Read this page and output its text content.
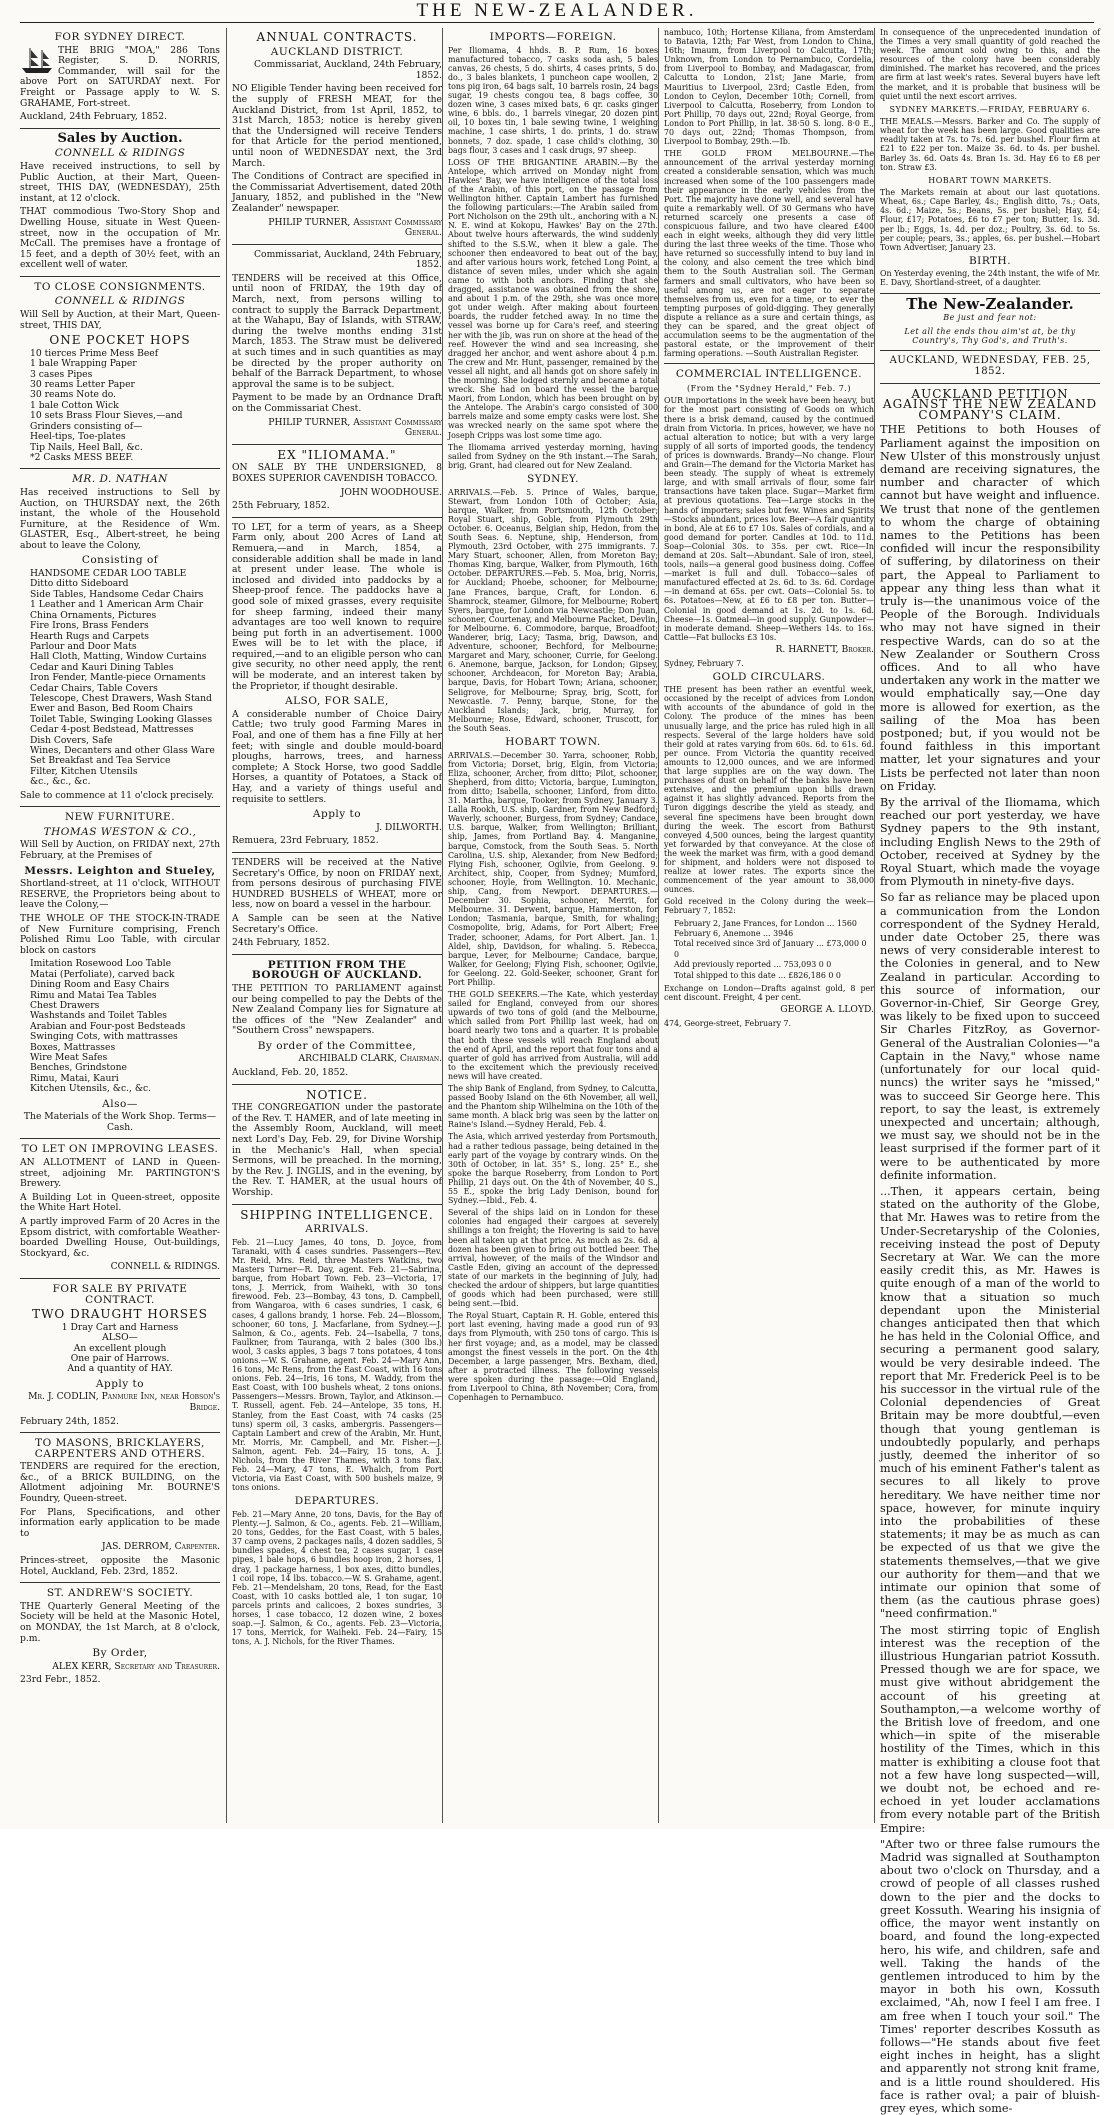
THE NEW-ZEALANDER.
FOR SYDNEY DIRECT.

THE BRIG "MOA," 286 Tons Register, S. D. NORRIS, Commander, will sail for the above Port on SATURDAY next. For Freight or Passage apply to W. S. GRAHAME, Fort-street.

Auckland, 24th February, 1852.

Sales by Auction.
CONNELL & RIDINGS

Have received instructions, to sell by Public Auction, at their Mart, Queen-street, THIS DAY, (WEDNESDAY), 25th instant, at 12 o'clock.

THAT commodious Two-Story Shop and Dwelling House, situate in West Queen-street, now in the occupation of Mr. McCall. The premises have a frontage of 15 feet, and a depth of 30½ feet, with an excellent well of water.

TO CLOSE CONSIGNMENTS.
CONNELL & RIDINGS

Will Sell by Auction, at their Mart, Queen-street, THIS DAY,

ONE POCKET HOPS
10 tierces Prime Mess Beef
1 bale Wrapping Paper
3 cases Pipes
30 reams Letter Paper
30 reams Note do.
1 bale Cotton Wick
10 sets Brass Flour Sieves,—and
Grinders consisting of—
Heel-tips, Toe-plates
Tip Nails, Heel Ball, &c.
*2 Casks MESS BEEF.
MR. D. NATHAN

Has received instructions to Sell by Auction, on THURSDAY next, the 26th instant, the whole of the Household Furniture, at the Residence of Wm. GLASTER, Esq., Albert-street, he being about to leave the Colony,

Consisting of
HANDSOME CEDAR LOO TABLE
Ditto ditto Sideboard
Side Tables, Handsome Cedar Chairs
1 Leather and 1 American Arm Chair
China Ornaments, Pictures
Fire Irons, Brass Fenders
Hearth Rugs and Carpets
Parlour and Door Mats
Hall Cloth, Matting, Window Curtains
Cedar and Kauri Dining Tables
Iron Fender, Mantle-piece Ornaments
Cedar Chairs, Table Covers
Telescope, Chest Drawers, Wash Stand
Ewer and Bason, Bed Room Chairs
Toilet Table, Swinging Looking Glasses
Cedar 4-post Bedstead, Mattresses
Dish Covers, Safe
Wines, Decanters and other Glass Ware
Set Breakfast and Tea Service
Filter, Kitchen Utensils
&c., &c., &c.

Sale to commence at 11 o'clock precisely.

NEW FURNITURE.
THOMAS WESTON & CO.,

Will Sell by Auction, on FRIDAY next, 27th February, at the Premises of

Messrs. Leighton and Stueley,

Shortland-street, at 11 o'clock, WITHOUT RESERVE, the Proprietors being about to leave the Colony,—

THE WHOLE OF THE STOCK-IN-TRADE of New Furniture comprising, French Polished Rimu Loo Table, with circular block on castors

Imitation Rosewood Loo Table
Matai (Perfoliate), carved back
Dining Room and Easy Chairs
Rimu and Matai Tea Tables
Chest Drawers
Washstands and Toilet Tables
Arabian and Four-post Bedsteads
Swinging Cots, with mattrasses
Boxes, Mattrasses
Wire Meat Safes
Benches, Grindstone
Rimu, Matai, Kauri
Kitchen Utensils, &c., &c.
Also—

The Materials of the Work Shop. Terms—Cash.

TO LET ON IMPROVING LEASES.

AN ALLOTMENT of LAND in Queen-street, adjoining Mr. PARTINGTON'S Brewery.

A Building Lot in Queen-street, opposite the White Hart Hotel.

A partly improved Farm of 20 Acres in the Epsom district, with comfortable Weather-boarded Dwelling House, Out-buildings, Stockyard, &c.

CONNELL & RIDINGS.
FOR SALE BY PRIVATE CONTRACT.
TWO DRAUGHT HORSES
1 Dray Cart and Harness
ALSO—
An excellent plough
One pair of Harrows.
And a quantity of HAY.
Apply to
Mr. J. CODLIN, Panmure Inn, near Hobson's Bridge.

February 24th, 1852.

TO MASONS, BRICKLAYERS, CARPENTERS AND OTHERS.

TENDERS are required for the erection, &c., of a BRICK BUILDING, on the Allotment adjoining Mr. BOURNE'S Foundry, Queen-street.

For Plans, Specifications, and other information early application to be made to

JAS. DERROM, Carpenter.

Princes-street, opposite the Masonic Hotel, Auckland, Feb. 23rd, 1852.

ST. ANDREW'S SOCIETY.

THE Quarterly General Meeting of the Society will be held at the Masonic Hotel, on MONDAY, the 1st March, at 8 o'clock, p.m.

By Order,
ALEX KERR, Secretary and Treasurer.

23rd Febr., 1852.

ANNUAL CONTRACTS.
AUCKLAND DISTRICT.

Commissariat, Auckland, 24th February, 1852.

NO Eligible Tender having been received for the supply of FRESH MEAT, for the Auckland District, from 1st April, 1852, to 31st March, 1853; notice is hereby given that the Undersigned will receive Tenders for that Article for the period mentioned, until noon of WEDNESDAY next, the 3rd March.

The Conditions of Contract are specified in the Commissariat Advertisement, dated 20th January, 1852, and published in the "New Zealander" newspaper.

PHILIP TURNER, Assistant Commissary General.

Commissariat, Auckland, 24th February, 1852.

TENDERS will be received at this Office, until noon of FRIDAY, the 19th day of March, next, from persons willing to contract to supply the Barrack Department, at the Wahapu, Bay of Islands, with STRAW, during the twelve months ending 31st March, 1853. The Straw must be delivered at such times and in such quantities as may be directed by the proper authority on behalf of the Barrack Department, to whose approval the same is to be subject.

Payment to be made by an Ordnance Draft on the Commissariat Chest.

PHILIP TURNER, Assistant Commissary General.
EX "ILIOMAMA."

ON SALE BY THE UNDERSIGNED, 8 BOXES SUPERIOR CAVENDISH TOBACCO.

JOHN WOODHOUSE.

25th February, 1852.

TO LET, for a term of years, as a Sheep Farm only, about 200 Acres of Land at Remuera,—and in March, 1854, a considerable addition shall be made in land at present under lease. The whole is inclosed and divided into paddocks by a Sheep-proof fence. The paddocks have a good sole of mixed grasses, every requisite for sheep farming, indeed their many advantages are too well known to require being put forth in an advertisement. 1000 Ewes will be to let with the place, if required,—and to an eligible person who can give security, no other need apply, the rent will be moderate, and an interest taken by the Proprietor, if thought desirable.

ALSO, FOR SALE,

A considerable number of Choice Dairy Cattle; two truly good Farming Mares in Foal, and one of them has a fine Filly at her feet; with single and double mould-board ploughs, harrows, trees, and harness complete; A Stock Horse, two good Saddle Horses, a quantity of Potatoes, a Stack of Hay, and a variety of things useful and requisite to settlers.

Apply to
J. DILWORTH.

Remuera, 23rd February, 1852.

TENDERS will be received at the Native Secretary's Office, by noon on FRIDAY next, from persons desirous of purchasing FIVE HUNDRED BUSHELS of WHEAT, more or less, now on board a vessel in the harbour.

A Sample can be seen at the Native Secretary's Office.

24th February, 1852.

PETITION FROM THE BOROUGH OF AUCKLAND.

THE PETITION TO PARLIAMENT against our being compelled to pay the Debts of the New Zealand Company lies for Signature at the offices of the "New Zealander" and "Southern Cross" newspapers.

By order of the Committee,
ARCHIBALD CLARK, Chairman.

Auckland, Feb. 20, 1852.

NOTICE.

THE CONGREGATION under the pastorate of the Rev. T. HAMER, and of late meeting in the Assembly Room, Auckland, will meet next Lord's Day, Feb. 29, for Divine Worship in the Mechanic's Hall, when special Sermons, will be preached. In the morning, by the Rev. J. INGLIS, and in the evening, by the Rev. T. HAMER, at the usual hours of Worship.

SHIPPING INTELLIGENCE.
ARRIVALS.

Feb. 21—Lucy James, 40 tons, D. Joyce, from Taranaki, with 4 cases sundries. Passengers—Rev. Mr. Reid, Mrs. Reid, three Masters Watkins, two Masters Turner—R. Day, agent. Feb. 21—Sabrina, barque, from Hobart Town. Feb. 23—Victoria, 17 tons, J. Merrick, from Waiheki, with 30 tons firewood. Feb. 23—Bombay, 43 tons, D. Campbell, from Wangaroa, with 6 cases sundries, 1 cask, 6 cases, 4 gallons brandy, 1 horse. Feb. 24—Blossom, schooner, 60 tons, J. Macfarlane, from Sydney.—J. Salmon, & Co., agents. Feb. 24—Isabella, 7 tons, Faulkner, from Tauranga, with 2 bales (300 lbs.) wool, 3 casks apples, 3 bags 7 tons potatoes, 4 tons onions.—W. S. Grahame, agent. Feb. 24—Mary Ann, 16 tons, Mc Rens, from the East Coast, with 16 tons onions. Feb. 24—Iris, 16 tons, M. Waddy, from the East Coast, with 100 bushels wheat, 2 tons onions. Passengers—Messrs. Brown, Taylor, and Atkinson.—T. Russell, agent. Feb. 24—Antelope, 35 tons, H. Stanley, from the East Coast, with 74 casks (25 tuns) sperm oil, 3 casks, ambergris. Passengers—Captain Lambert and crew of the Arabin, Mr. Hunt, Mr. Morris, Mr. Campbell, and Mr. Fisher.—J. Salmon, agent. Feb. 24—Fairy, 15 tons, A. J. Nichols, from the River Thames, with 3 tons flax. Feb. 24—Mary, 47 tons, E. Whalch, from Port Victoria, via East Coast, with 500 bushels maize, 9 tons onions.

DEPARTURES.

Feb. 21—Mary Anne, 20 tons, Davis, for the Bay of Plenty.—J. Salmon, & Co., agents. Feb. 21—William, 20 tons, Geddes, for the East Coast, with 5 bales, 37 camp ovens, 2 packages nails, 4 dozen saddles, 5 bundles spades, 4 chest tea, 2 cases sugar, 1 case pipes, 1 bale hops, 6 bundles hoop iron, 2 horses, 1 dray, 1 package harness, 1 box axes, ditto bundles, 1 coil rope, 14 lbs. tobacco.—W. S. Grahame, agent. Feb. 21—Mendelsham, 20 tons, Read, for the East Coast, with 10 casks bottled ale, 1 ton sugar, 10 parcels prints and calicoes, 2 boxes sundries, 3 horses, 1 case tobacco, 12 dozen wine, 2 boxes soap.—J. Salmon, & Co., agents. Feb. 23—Victoria, 17 tons, Merrick, for Waiheki. Feb. 24—Fairy, 15 tons, A. J. Nichols, for the River Thames.

IMPORTS—FOREIGN.

Per Iliomama, 4 hhds. B. P. Rum, 16 boxes manufactured tobacco, 7 casks soda ash, 5 bales canvas, 26 chests, 5 do. shirts, 4 cases prints, 5 do. do., 3 bales blankets, 1 puncheon cape woollen, 2 tons pig iron, 64 bags salt, 10 barrels rosin, 24 bags sugar, 19 chests congou tea, 8 bags coffee, 30 dozen wine, 3 cases mixed bats, 6 qr. casks ginger wine, 6 bbls. do., 1 barrels vinegar, 20 dozen pint oil, 10 boxes tin, 1 bale sewing twine, 1 weighing machine, 1 case shirts, 1 do. prints, 1 do. straw bonnets, 7 doz. spade, 1 case child's clothing, 30 bags flour, 3 cases and 1 cask drugs, 97 sheep.

LOSS OF THE BRIGANTINE ARABIN.—By the Antelope, which arrived on Monday night from Hawkes' Bay, we have intelligence of the total loss of the Arabin, of this port, on the passage from Wellington hither. Captain Lambert has furnished the following particulars:—The Arabin sailed from Port Nicholson on the 29th ult., anchoring with a N. N. E. wind at Kokopu, Hawkes' Bay on the 27th. About twelve hours afterwards, the wind suddenly shifted to the S.S.W., when it blew a gale. The schooner then endeavored to beat out of the bay, and after various hours work, fetched Long Point, a distance of seven miles, under which she again came to with both anchors. Finding that she dragged, assistance was obtained from the shore, and about 1 p.m. of the 29th, she was once more got under weigh. After making about fourteen boards, the rudder fetched away. In no time the vessel was borne up for Cara's reef, and steering her with the jib, was run on shore at the head of the reef. However the wind and sea increasing, she dragged her anchor, and went ashore about 4 p.m. The crew and Mr. Hunt, passenger, remained by the vessel all night, and all hands got on shore safely in the morning. She lodged sternly and became a total wreck. She had on board the vessel the barque Maori, from London, which has been brought on by the Antelope. The Arabin's cargo consisted of 300 barrels maize and some empty casks were lost. She was wrecked nearly on the same spot where the Joseph Cripps was lost some time ago.

The Iliomama arrived yesterday morning, having sailed from Sydney on the 9th instant.—The Sarah, brig, Grant, had cleared out for New Zealand.

SYDNEY.

ARRIVALS.—Feb. 5. Prince of Wales, barque, Stewart, from London 10th of October; Asia, barque, Walker, from Portsmouth, 12th October; Royal Stuart, ship, Goble, from Plymouth 29th October. 6. Oceanus, Belgian ship, Hedon, from the South Seas. 6. Neptune, ship, Henderson, from Plymouth, 23rd October, with 275 immigrants. 7. Mary Stuart, schooner, Allen, from Moreton Bay; Thomas King, barque, Walker, from Plymouth, 16th October. DEPARTURES.—Feb. 5. Moa, brig, Norris, for Auckland; Phoebe, schooner, for Melbourne; Jane Frances, barque, Craft, for London. 6. Shamrock, steamer, Gilmore, for Melbourne; Robert Syers, barque, for London via Newcastle; Don Juan, schooner, Courtenay, and Melbourne Packet, Devlin, for Melbourne. 6. Commodore, barque, Broadfoot; Wanderer, brig, Lacy; Tasma, brig, Dawson, and Adventure, schooner, Bechford, for Melbourne; Margaret and Mary, schooner, Currie, for Geelong. 6. Anemone, barque, Jackson, for London; Gipsey, schooner, Archdeacon, for Moreton Bay; Arabia, barque, Davis, for Hobart Town; Ariana, schooner, Seligrove, for Melbourne; Spray, brig, Scott, for Newcastle. 7. Penny, barque, Stone, for the Auckland Islands; Jack, brig, Murray, for Melbourne; Rose, Edward, schooner, Truscott, for the South Seas.

HOBART TOWN.

ARRIVALS.—December 30. Yarra, schooner, Robb, from Victoria; Dorset, brig, Elgin, from Victoria; Eliza, schooner, Archer, from ditto; Pilot, schooner, Shepherd, from ditto; Victoria, barque, Lumington, from ditto; Isabella, schooner, Linford, from ditto. 31. Martha, barque, Tooker, from Sydney. January 3. Lalla Rookh, U.S. ship, Gardner, from New Bedford; Waverly, schooner, Burgess, from Sydney; Candace, U.S. barque, Walker, from Wellington; Brilliant, ship, James, from Portland Bay. 4. Manganine, barque, Comstock, from the South Seas. 5. North Carolina, U.S. ship, Alexander, from New Bedford; Flying Fish, schooner, Ogilvie, from Geelong. 9. Architect, ship, Cooper, from Sydney; Mumford, schooner, Hoyle, from Wellington. 10. Mechanic, ship, Cang, from Newport. DEPARTURES.—December 30. Sophia, schooner, Merrit, for Melbourne. 31. Derwent, barque, Hammerston, for London; Tasmania, barque, Smith, for whaling; Cosmopolite, brig, Adams, for Port Albert; Free Trader, schooner, Adams, for Port Albert. Jan. 1. Aldel, ship, Davidson, for whaling. 5. Rebecca, barque, Lever, for Melbourne; Candace, barque, Walker, for Geelong; Flying Fish, schooner, Ogilvie, for Geelong. 22. Gold-Seeker, schooner, Grant for Port Phillip.

THE GOLD SEEKERS.—The Kate, which yesterday sailed for England, conveyed from our shores upwards of two tons of gold (and the Melbourne, which sailed from Port Phillip last week, had on board nearly two tons and a quarter. It is probable that both these vessels will reach England about the end of April, and the report that four tons and a quarter of gold has arrived from Australia, will add to the excitement which the previously received news will have created.

The ship Bank of England, from Sydney, to Calcutta, passed Booby Island on the 6th November, all well, and the Phantom ship Wilhelmina on the 10th of the same month. A black brig was seen by the latter on Raine's Island.—Sydney Herald, Feb. 4.

The Asia, which arrived yesterday from Portsmouth, had a rather tedious passage, being detained in the early part of the voyage by contrary winds. On the 30th of October, in lat. 35° S., long. 25° E., she spoke the barque Roseberry, from London to Port Phillip, 21 days out. On the 4th of November, 40 S., 55 E., spoke the brig Lady Denison, bound for Sydney.—Ibid., Feb. 4.

Several of the ships laid on in London for these colonies had engaged their cargoes at severely shillings a ton freight; the Hovering is said to have been all taken up at that price. As much as 2s. 6d. a dozen has been given to bring out bottled beer. The arrival, however, of the mails of the Windsor and Castle Eden, giving an account of the depressed state of our markets in the beginning of July, had checked the ardour of shippers, but large quantities of goods which had been purchased, were still being sent.—Ibid.

The Royal Stuart, Captain R. H. Goble, entered this port last evening, having made a good run of 93 days from Plymouth, with 250 tons of cargo. This is her first voyage; and, as a model, may be classed amongst the finest vessels in the port. On the 4th December, a large passenger, Mrs. Bexham, died, after a protracted illness. The following vessels were spoken during the passage:—Old England, from Liverpool to China, 8th November; Cora, from Copenhagen to Pernambuco.

nambuco, 10th; Hortense Kiliana, from Amsterdam to Batavia, 12th; Far West, from London to China, 16th; Imaum, from Liverpool to Calcutta, 17th; Unknown, from London to Pernambuco, Cordelia, from Liverpool to Bombay, and Madagascar, from Calcutta to London, 21st; Jane Marie, from Mauritius to Liverpool, 23rd; Castle Eden, from London to Ceylon, December 10th; Cornell, from Liverpool to Calcutta, Roseberry, from London to Port Phillip, 70 days out, 22nd; Royal George, from London to Port Phillip, in lat. 38·50 S. long. 8·0 E., 70 days out, 22nd; Thomas Thompson, from Liverpool to Bombay, 29th.—Ib.

THE GOLD FROM MELBOURNE.—The announcement of the arrival yesterday morning created a considerable sensation, which was much increased when some of the 100 passengers made their appearance in the early vehicles from the Port. The majority have done well, and several have quite a remarkably well. Of 30 Germans who have returned scarcely one presents a case of conspicuous failure, and two have cleared £400 each in eight weeks, although they did very little during the last three weeks of the time. Those who have returned so successfully intend to buy land in the colony, and also cement the tree which bind them to the South Australian soil. The German farmers and small cultivators, who have been so useful among us, are not eager to separate themselves from us, even for a time, or to ever the tempting purposes of gold-digging. They generally dispute a reliance as a sure and certain things, as they can be spared, and the great object of accumulation seems to be the augmentation of the pastoral estate, or the improvement of their farming operations. —South Australian Register.

COMMERCIAL INTELLIGENCE.
(From the "Sydney Herald," Feb. 7.)

OUR importations in the week have been heavy, but for the most part consisting of Goods on which there is a brisk demand, caused by the continued drain from Victoria. In prices, however, we have no actual alteration to notice; but with a very large supply of all sorts of imported goods, the tendency of prices is downwards. Brandy—No change. Flour and Grain—The demand for the Victoria Market has been steady. The supply of wheat is extremely large, and with small arrivals of flour, some fair transactions have taken place. Sugar—Market firm at previous quotations. Tea—Large stocks in the hands of importers; sales but few. Wines and Spirits—Stocks abundant, prices low. Beer—A fair quantity in bond, Ale at £6 to £7 10s. Sales of cordials, and a good demand for porter. Candles at 10d. to 11d. Soap—Colonial 30s. to 35s. per cwt. Rice—In demand at 20s. Salt—Abundant. Sale of iron, steel, tools, nails—a general good business doing. Coffee—market is full and dull. Tobacco—sales of manufactured effected at 2s. 6d. to 3s. 6d. Cordage—in demand at 65s. per cwt. Oats—Colonial 5s. to 6s. Potatoes—New, at £6 to £8 per ton. Butter—Colonial in good demand at 1s. 2d. to 1s. 6d. Cheese—1s. Oatmeal—in good supply. Gunpowder—in moderate demand. Sheep—Wethers 14s. to 16s. Cattle—Fat bullocks £3 10s.

R. HARNETT, Broker.

Sydney, February 7.

GOLD CIRCULARS.

THE present has been rather an eventful week, occasioned by the receipt of advices from London with accounts of the abundance of gold in the Colony. The produce of the mines has been unusually large, and the price has ruled high in all respects. Several of the large holders have sold their gold at rates varying from 60s. 6d. to 61s. 6d. per ounce. From Victoria the quantity received amounts to 12,000 ounces, and we are informed that large supplies are on the way down. The purchases of dust on behalf of the banks have been extensive, and the premium upon bills drawn against it has slightly advanced. Reports from the Turon diggings describe the yield as steady, and several fine specimens have been brought down during the week. The escort from Bathurst conveyed 4,500 ounces, being the largest quantity yet forwarded by that conveyance. At the close of the week the market was firm, with a good demand for shipment, and holders were not disposed to realize at lower rates. The exports since the commencement of the year amount to 38,000 ounces.

Gold received in the Colony during the week—February 7, 1852:

February 2, Jane Frances, for London ... 1560
February 6, Anemone ... 3946
Total received since 3rd of January ... £73,000 0 0
Add previously reported ... 753,093 0 0
Total shipped to this date ... £826,186 0 0

Exchange on London—Drafts against gold, 8 per cent discount. Freight, 4 per cent.

GEORGE A. LLOYD.

474, George-street, February 7.

In consequence of the unprecedented inundation of the Times a very small quantity of gold reached the week. The amount sold owing to this, and the resources of the colony have been considerably diminished. The market has recovered, and the prices are firm at last week's rates. Several buyers have left the market, and it is probable that business will be quiet until the next escort arrives.

SYDNEY MARKETS.—FRIDAY, FEBRUARY 6.

THE MEALS.—Messrs. Barker and Co. The supply of wheat for the week has been large. Good qualities are readily taken at 7s. to 7s. 6d. per bushel. Flour firm at £21 to £22 per ton. Maize 3s. 6d. to 4s. per bushel. Barley 3s. 6d. Oats 4s. Bran 1s. 3d. Hay £6 to £8 per ton. Straw £3.

HOBART TOWN MARKETS.

The Markets remain at about our last quotations. Wheat, 6s.; Cape Barley, 4s.; English ditto, 7s.; Oats, 4s. 6d.; Maize, 5s.; Beans, 5s. per bushel; Hay, £4; Flour, £17; Potatoes, £6 to £7 per ton; Butter, 1s. 3d. per lb.; Eggs, 1s. 4d. per doz.; Poultry, 3s. 6d. to 5s. per couple; pears, 3s.; apples, 6s. per bushel.—Hobart Town Advertiser, January 23.

BIRTH.

On Yesterday evening, the 24th instant, the wife of Mr. E. Davy, Shortland-street, of a daughter.

The New-Zealander.
Be just and fear not:
Let all the ends thou aim'st at, be thy Country's, Thy God's, and Truth's.
AUCKLAND, WEDNESDAY, FEB. 25, 1852.
AUCKLAND PETITION AGAINST THE NEW ZEALAND COMPANY'S CLAIM.

THE Petitions to both Houses of Parliament against the imposition on New Ulster of this monstrously unjust demand are receiving signatures, the number and character of which cannot but have weight and influence. We trust that none of the gentlemen to whom the charge of obtaining names to the Petitions has been confided will incur the responsibility of suffering, by dilatoriness on their part, the Appeal to Parliament to appear any thing less than what it truly is—the unanimous voice of the People of the Borough. Individuals who may not have signed in their respective Wards, can do so at the New Zealander or Southern Cross offices. And to all who have undertaken any work in the matter we would emphatically say,—One day more is allowed for exertion, as the sailing of the Moa has been postponed; but, if you would not be found faithless in this important matter, let your signatures and your Lists be perfected not later than noon on Friday.

By the arrival of the Iliomama, which reached our port yesterday, we have Sydney papers to the 9th instant, including English News to the 29th of October, received at Sydney by the Royal Stuart, which made the voyage from Plymouth in ninety-five days.

So far as reliance may be placed upon a communication from the London correspondent of the Sydney Herald, under date October 25, there was news of very considerable interest to the Colonies in general, and to New Zealand in particular. According to this source of information, our Governor-in-Chief, Sir George Grey, was likely to be fixed upon to succeed Sir Charles FitzRoy, as Governor-General of the Australian Colonies—"a Captain in the Navy," whose name (unfortunately for our local quid-nuncs) the writer says he "missed," was to succeed Sir George here. This report, to say the least, is extremely unexpected and uncertain; although, we must say, we should not be in the least surprised if the former part of it were to be authenticated by more definite information.

...Then, it appears certain, being stated on the authority of the Globe, that Mr. Hawes was to retire from the Under-Secretaryship of the Colonies, receiving instead the post of Deputy Secretary at War. We can the more easily credit this, as Mr. Hawes is quite enough of a man of the world to know that a situation so much dependant upon the Ministerial changes anticipated then that which he has held in the Colonial Office, and securing a permanent good salary, would be very desirable indeed. The report that Mr. Frederick Peel is to be his successor in the virtual rule of the Colonial dependencies of Great Britain may be more doubtful,—even though that young gentleman is undoubtedly popularly, and perhaps justly, deemed the inheritor of so much of his eminent Father's talent as secures to all likely to prove hereditary. We have neither time nor space, however, for minute inquiry into the probabilities of these statements; it may be as much as can be expected of us that we give the statements themselves,—that we give our authority for them—and that we intimate our opinion that some of them (as the cautious phrase goes) "need confirmation."

The most stirring topic of English interest was the reception of the illustrious Hungarian patriot Kossuth. Pressed though we are for space, we must give without abridgement the account of his greeting at Southampton,—a welcome worthy of the British love of freedom, and one which—in spite of the miserable hostility of the Times, which in this matter is exhibiting a clouse foot that not a few have long suspected—will, we doubt not, be echoed and re-echoed in yet louder acclamations from every notable part of the British Empire:

"After two or three false rumours the Madrid was signalled at Southampton about two o'clock on Thursday, and a crowd of people of all classes rushed down to the pier and the docks to greet Kossuth. Wearing his insignia of office, the mayor went instantly on board, and found the long-expected hero, his wife, and children, safe and well. Taking the hands of the gentlemen introduced to him by the mayor in both his own, Kossuth exclaimed, "Ah, now I feel I am free. I am free when I touch your soil." The Times' reporter describes Kossuth as follows—"He stands about five feet eight inches in height, has a slight and apparently not strong knit frame, and is a little round shouldered. His face is rather oval; a pair of bluish-grey eyes, which some-
